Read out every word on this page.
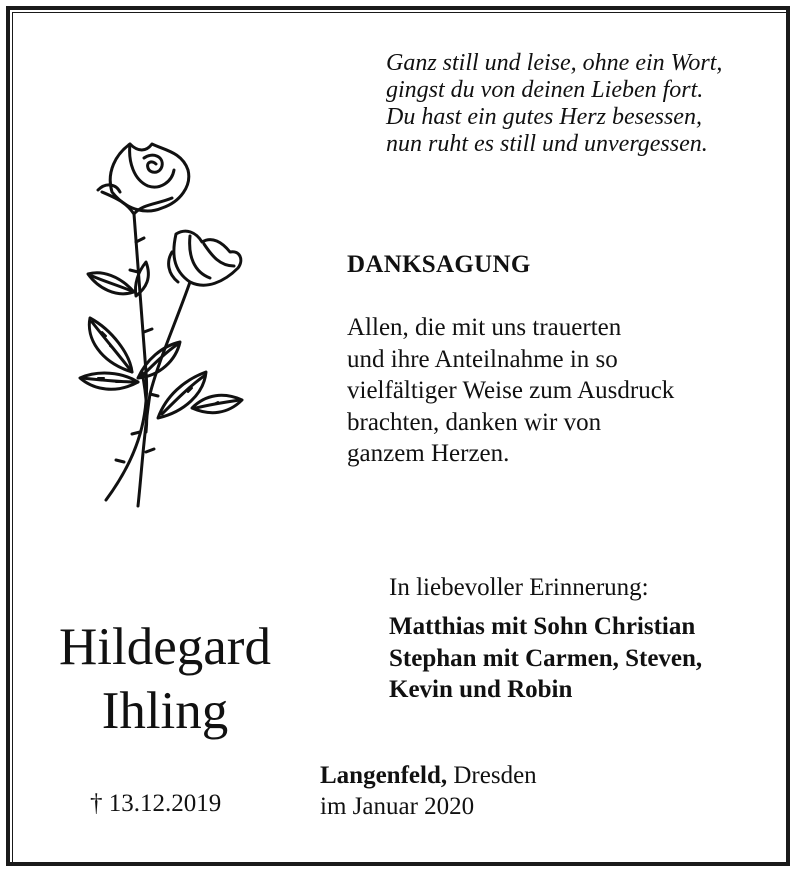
Ganz still und leise, ohne ein Wort,
gingst du von deinen Lieben fort.
Du hast ein gutes Herz besessen,
nun ruht es still und unvergessen.
DANKSAGUNG
Allen, die mit uns trauerten
und ihre Anteilnahme in so
vielfältiger Weise zum Ausdruck
brachten, danken wir von
ganzem Herzen.
In liebevoller Erinnerung:
Matthias mit Sohn Christian
Stephan mit Carmen, Steven,
Kevin und Robin
Hildegard
Ihling
† 13.12.2019
Langenfeld, Dresden
im Januar 2020
